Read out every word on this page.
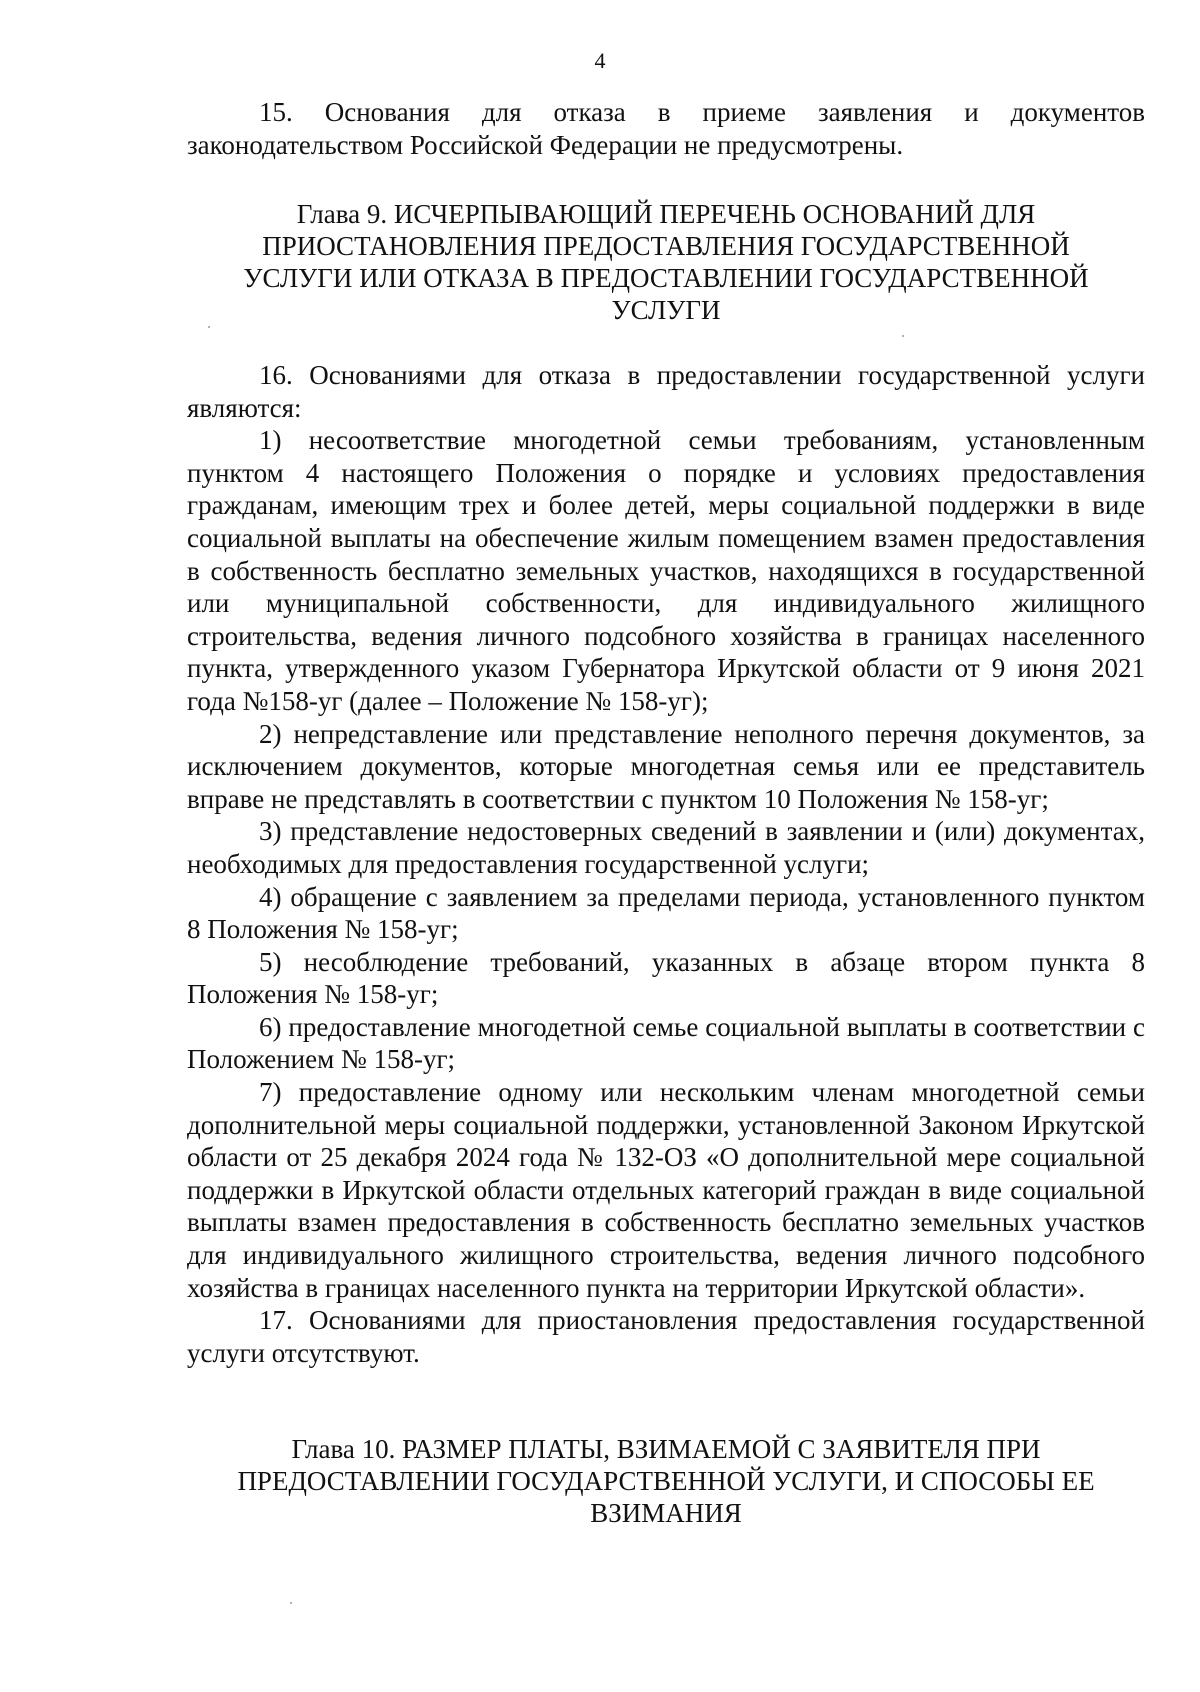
4

15. Основания для отказа в приеме заявления и документов законодательством Российской Федерации не предусмотрены.

Глава 9. ИСЧЕРПЫВАЮЩИЙ ПЕРЕЧЕНЬ ОСНОВАНИЙ ДЛЯ
ПРИОСТАНОВЛЕНИЯ ПРЕДОСТАВЛЕНИЯ ГОСУДАРСТВЕННОЙ
УСЛУГИ ИЛИ ОТКАЗА В ПРЕДОСТАВЛЕНИИ ГОСУДАРСТВЕННОЙ
УСЛУГИ

16. Основаниями для отказа в предоставлении государственной услуги являются:

1) несоответствие многодетной семьи требованиям, установленным пунктом 4 настоящего Положения о порядке и условиях предоставления гражданам, имеющим трех и более детей, меры социальной поддержки в виде социальной выплаты на обеспечение жилым помещением взамен предоставления в собственность бесплатно земельных участков, находящихся в государственной или муниципальной собственности, для индивидуального жилищного строительства, ведения личного подсобного хозяйства в границах населенного пункта, утвержденного указом Губернатора Иркутской области от 9 июня 2021 года №158-уг (далее – Положение № 158-уг);

2) непредставление или представление неполного перечня документов, за исключением документов, которые многодетная семья или ее представитель вправе не представлять в соответствии с пунктом 10 Положения № 158-уг;

3) представление недостоверных сведений в заявлении и (или) документах, необходимых для предоставления государственной услуги;

4) обращение с заявлением за пределами периода, установленного пунктом 8 Положения № 158-уг;

5) несоблюдение требований, указанных в абзаце втором пункта 8 Положения № 158-уг;

6) предоставление многодетной семье социальной выплаты в соответствии с Положением № 158-уг;

7) предоставление одному или нескольким членам многодетной семьи дополнительной меры социальной поддержки, установленной Законом Иркутской области от 25 декабря 2024 года № 132-ОЗ «О дополнительной мере социальной поддержки в Иркутской области отдельных категорий граждан в виде социальной выплаты взамен предоставления в собственность бесплатно земельных участков для индивидуального жилищного строительства, ведения личного подсобного хозяйства в границах населенного пункта на территории Иркутской области».

17. Основаниями для приостановления предоставления государственной услуги отсутствуют.

Глава 10. РАЗМЕР ПЛАТЫ, ВЗИМАЕМОЙ С ЗАЯВИТЕЛЯ ПРИ
ПРЕДОСТАВЛЕНИИ ГОСУДАРСТВЕННОЙ УСЛУГИ, И СПОСОБЫ ЕЕ
ВЗИМАНИЯ
